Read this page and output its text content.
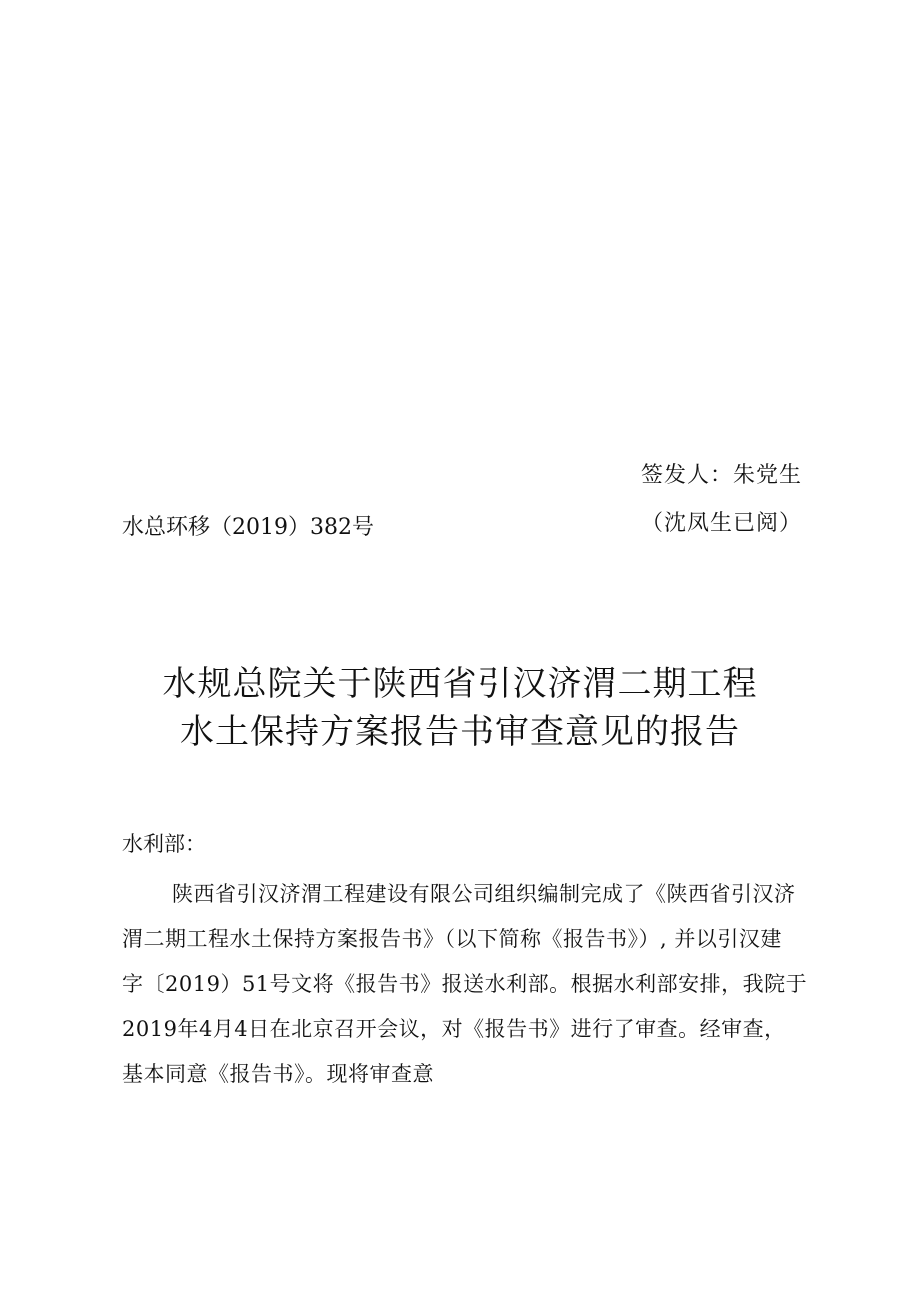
签发人：朱党生
（沈凤生已阅）
水总环移（2019）382号
水规总院关于陕西省引汉济渭二期工程
水土保持方案报告书审查意见的报告
水利部：
陕西省引汉济渭工程建设有限公司组织编制完成了《陕西省引汉济
渭二期工程水土保持方案报告书》（以下简称《报告书》）, 并以引汉建
字〔2019）51号文将《报告书》报送水利部。根据水利部安排，我院于
2019年4月4日在北京召开会议，对《报告书》进行了审查。经审查，
基本同意《报告书》。现将审查意
